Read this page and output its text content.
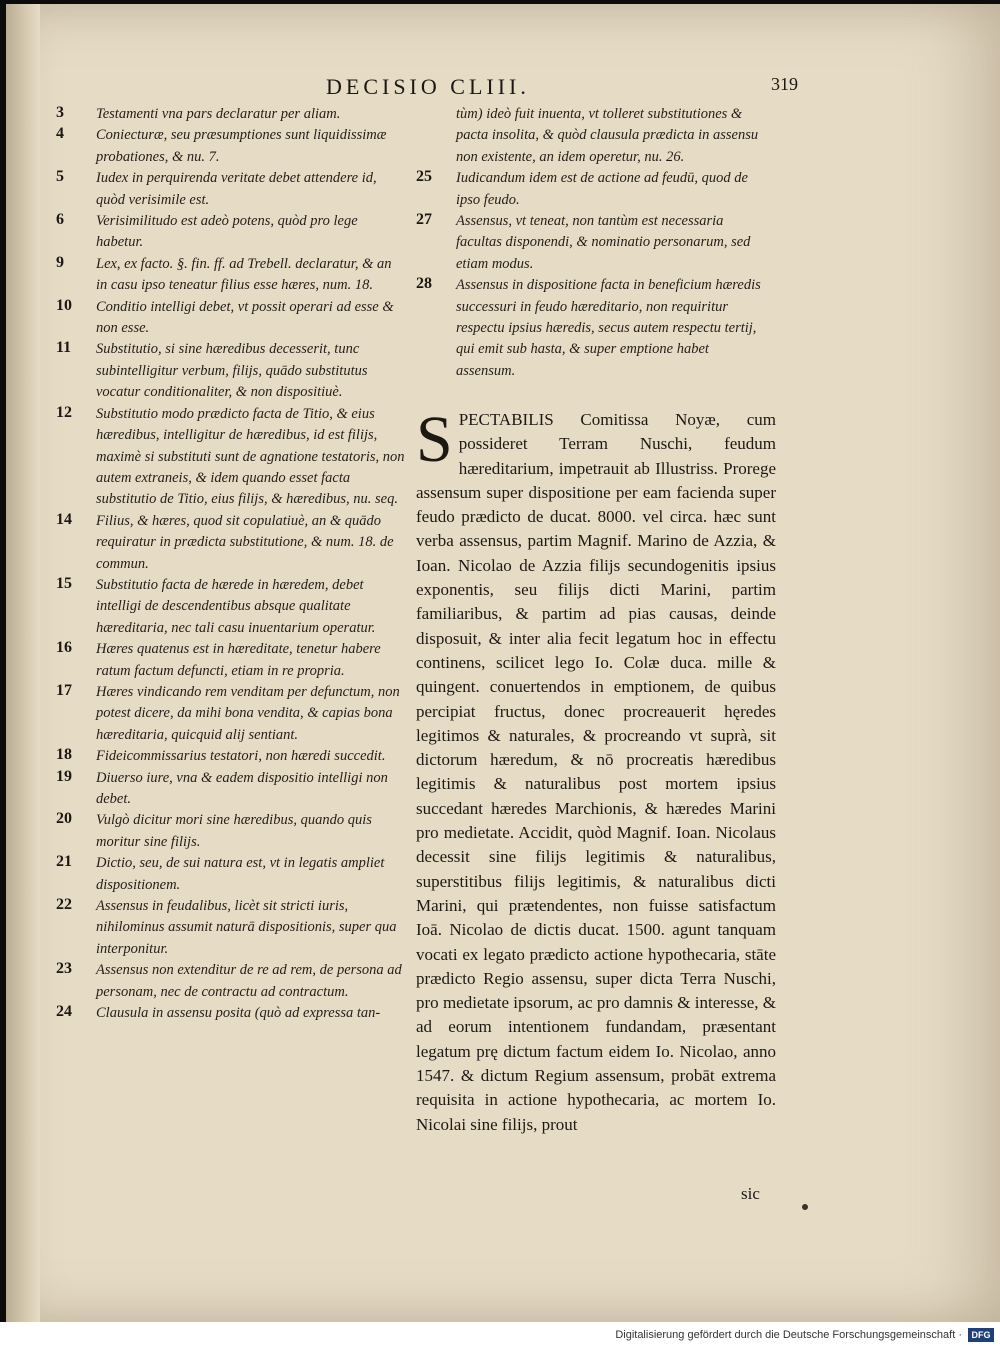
DECISIO CLIII.	319
3	Testamenti vna pars declaratur per aliam.
4	Coniecturæ, seu præsumptiones sunt liquidissimæ probationes, & nu. 7.
5	Iudex in perquirenda veritate debet attendere id, quòd verisimile est.
6	Verisimilitudo est adeò potens, quòd pro lege habetur.
9	Lex, ex facto. §. fin. ff. ad Trebell. declaratur, & an in casu ipso teneatur filius esse hæres, num. 18.
10	Conditio intelligi debet, vt possit operari ad esse & non esse.
11	Substitutio, si sine hæredibus decesserit, tunc subintelligitur verbum, filijs, quādo substitutus vocatur conditionaliter, & non dispositiuè.
12	Substitutio modo prædicto facta de Titio, & eius hæredibus, intelligitur de hæredibus, id est filijs, maximè si substituti sunt de agnatione testatoris, non autem extraneis, & idem quando esset facta substitutio de Titio, eius filijs, & hæredibus, nu. seq.
14	Filius, & hæres, quod sit copulatiuè, an & quādo requiratur in prædicta substitutione, & num. 18. de commun.
15	Substitutio facta de hærede in hæredem, debet intelligi de descendentibus absque qualitate hæreditaria, nec tali casu inuentarium operatur.
16	Hæres quatenus est in hæreditate, tenetur habere ratum factum defuncti, etiam in re propria.
17	Hæres vindicando rem venditam per defunctum, non potest dicere, da mihi bona vendita, & capias bona hæreditaria, quicquid alij sentiant.
18	Fideicommissarius testatori, non hæredi succedit.
19	Diuerso iure, vna & eadem dispositio intelligi non debet.
20	Vulgò dicitur mori sine hæredibus, quando quis moritur sine filijs.
21	Dictio, seu, de sui natura est, vt in legatis ampliet dispositionem.
22	Assensus in feudalibus, licèt sit stricti iuris, nihilominus assumit naturā dispositionis, super qua interponitur.
23	Assensus non extenditur de re ad rem, de persona ad personam, nec de contractu ad contractum.
24	Clausula in assensu posita (quò ad expressa tan-
tùm) ideò fuit inuenta, vt tolleret substitutiones & pacta insolita, & quòd clausula prædicta in assensu non existente, an idem operetur, nu. 26.
25	Iudicandum idem est de actione ad feudū, quod de ipso feudo.
27	Assensus, vt teneat, non tantùm est necessaria facultas disponendi, & nominatio personarum, sed etiam modus.
28	Assensus in dispositione facta in beneficium hæredis successuri in feudo hæreditario, non requiritur respectu ipsius hæredis, secus autem respectu tertij, qui emit sub hasta, & super emptione habet assensum.
SPECTABILIS Comitissa Noyæ, cum possideret Terram Nuschi, feudum hæreditarium, impetrauit ab Illustriss. Prorege assensum super dispositione per eam facienda super feudo prædicto de ducat. 8000. vel circa. hæc sunt verba assensus, partim Magnif. Marino de Azzia, & Ioan. Nicolao de Azzia filijs secundogenitis ipsius exponentis, seu filijs dicti Marini, partim familiaribus, & partim ad pias causas, deinde disposuit, & inter alia fecit legatum hoc in effectu continens, scilicet lego Io. Colæ duca. mille & quingent. conuertendos in emptionem, de quibus percipiat fructus, donec procreauerit hęredes legitimos & naturales, & procreando vt suprà, sit dictorum hæredum, & nō procreatis hæredibus legitimis & naturalibus post mortem ipsius succedant hæredes Marchionis, & hæredes Marini pro medietate. Accidit, quòd Magnif. Ioan. Nicolaus decessit sine filijs legitimis & naturalibus, superstitibus filijs legitimis, & naturalibus dicti Marini, qui prætendentes, non fuisse satisfactum Ioā. Nicolao de dictis ducat. 1500. agunt tanquam vocati ex legato prædicto actione hypothecaria, stāte prædicto Regio assensu, super dicta Terra Nuschi, pro medietate ipsorum, ac pro damnis & interesse, & ad eorum intentionem fundandam, præsentant legatum prę dictum factum eidem Io. Nicolao, anno 1547. & dictum Regium assensum, probāt extrema requisita in actione hypothecaria, ac mortem Io. Nicolai sine filijs, prout
sic
Digitalisierung gefördert durch die Deutsche Forschungsgemeinschaft ·	DFG
